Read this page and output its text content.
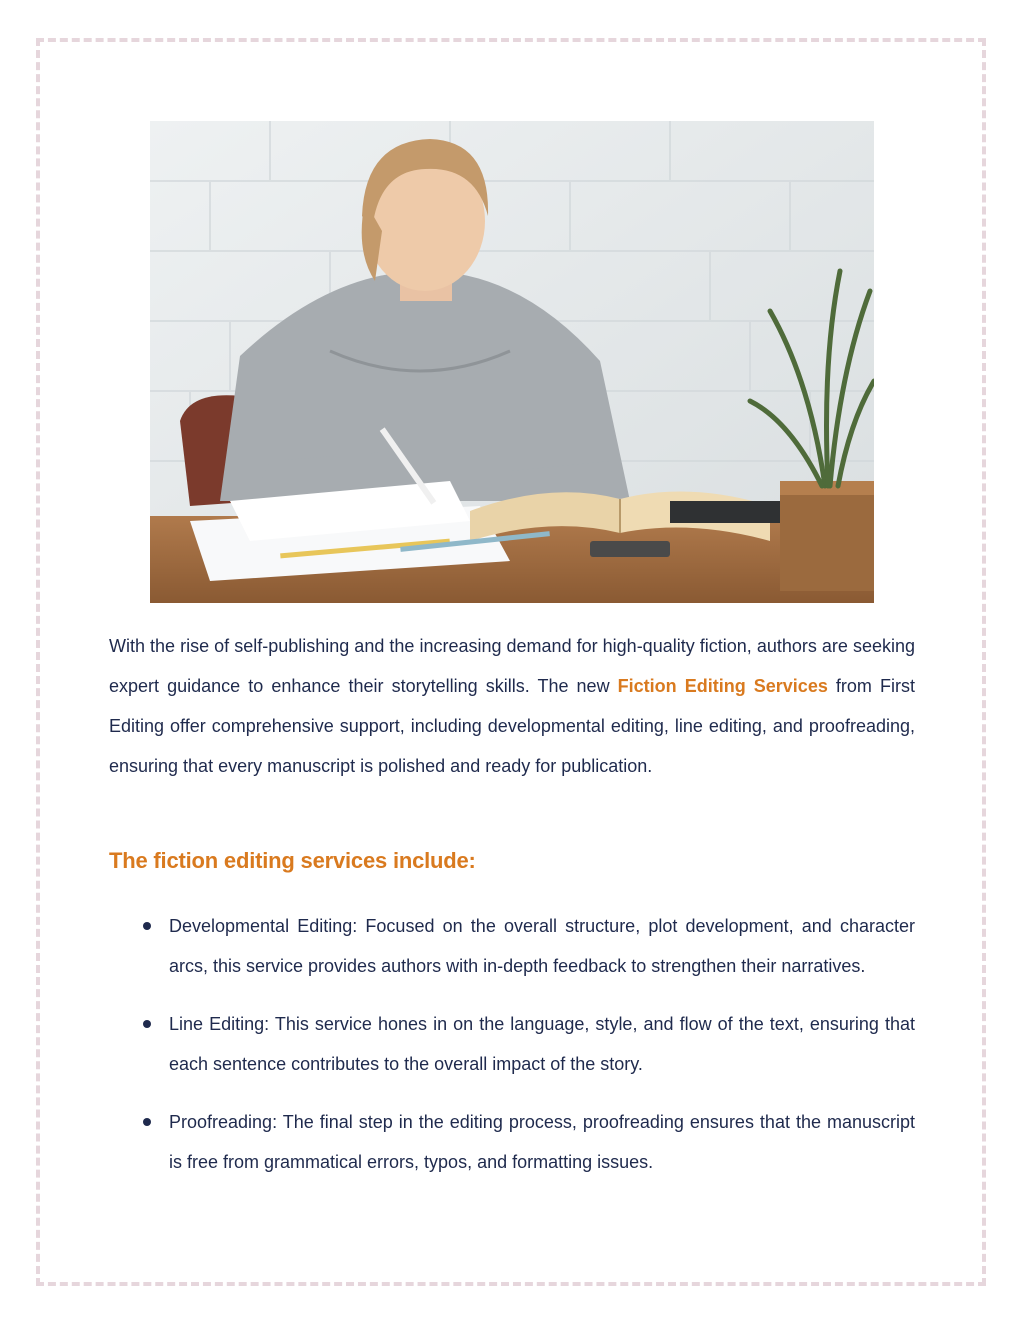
With the rise of self-publishing and the increasing demand for high-quality fiction, authors are seeking expert guidance to enhance their storytelling skills. The new Fiction Editing Services from First Editing offer comprehensive support, including developmental editing, line editing, and proofreading, ensuring that every manuscript is polished and ready for publication.

The fiction editing services include:
Developmental Editing: Focused on the overall structure, plot development, and character arcs, this service provides authors with in-depth feedback to strengthen their narratives.
Line Editing: This service hones in on the language, style, and flow of the text, ensuring that each sentence contributes to the overall impact of the story.
Proofreading: The final step in the editing process, proofreading ensures that the manuscript is free from grammatical errors, typos, and formatting issues.
